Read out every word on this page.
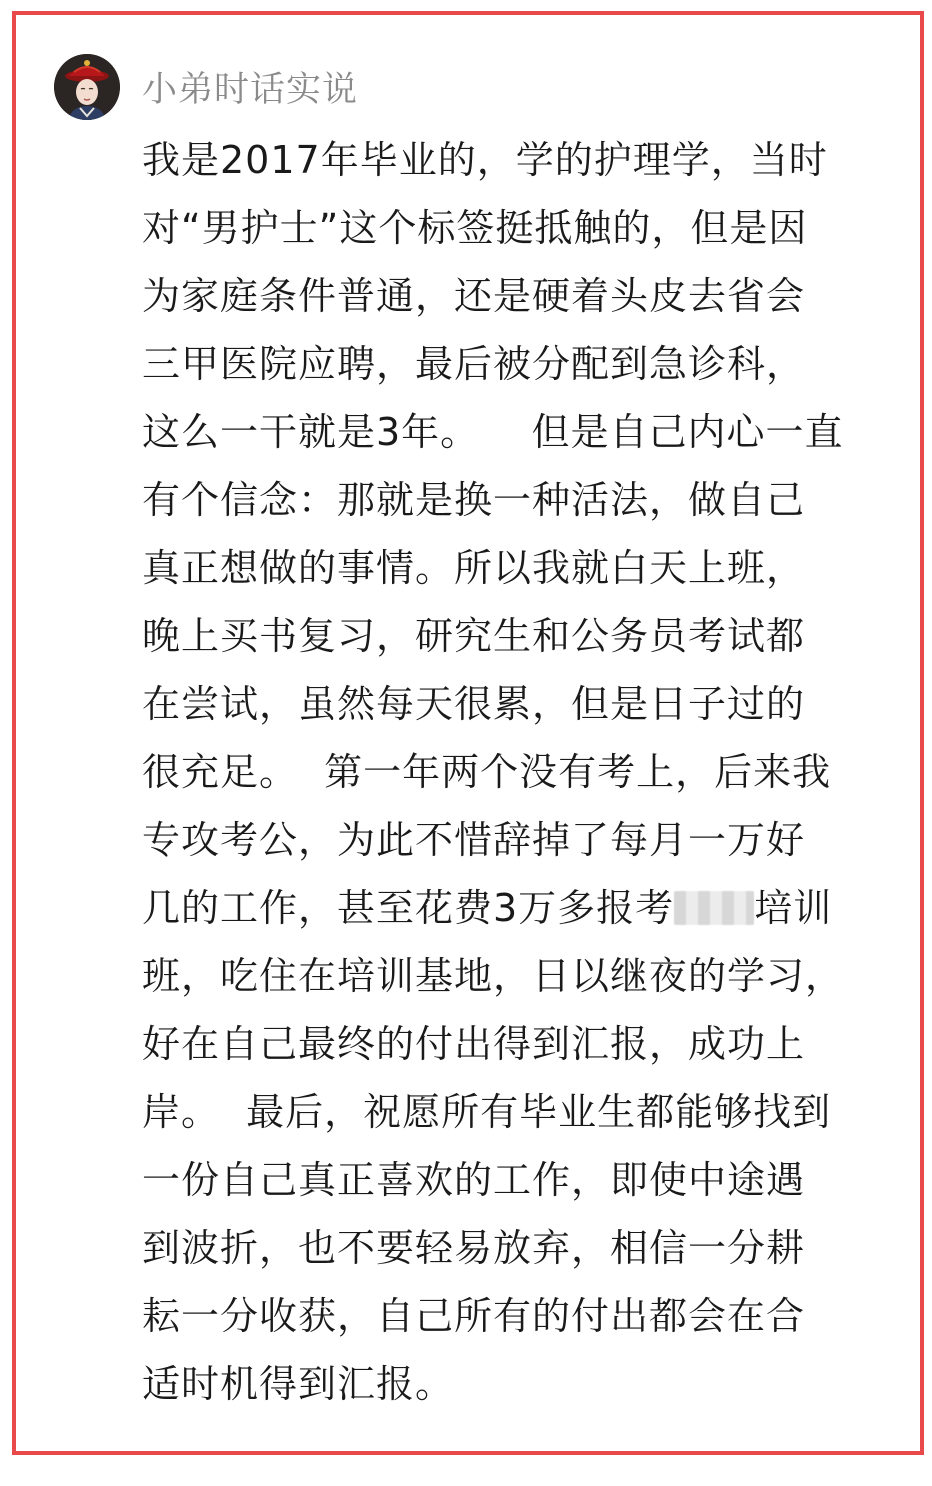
小弟时话实说
我是2017年毕业的，学的护理学，当时
对“男护士”这个标签挺抵触的，但是因
为家庭条件普通，还是硬着头皮去省会
三甲医院应聘，最后被分配到急诊科，
这么一干就是3年。    但是自己内心一直
有个信念：那就是换一种活法，做自己
真正想做的事情。所以我就白天上班，
晚上买书复习，研究生和公务员考试都
在尝试，虽然每天很累，但是日子过的
很充足。  第一年两个没有考上，后来我
专攻考公，为此不惜辞掉了每月一万好
几的工作，甚至花费3万多报考 培训
班，吃住在培训基地，日以继夜的学习，
好在自己最终的付出得到汇报，成功上
岸。  最后，祝愿所有毕业生都能够找到
一份自己真正喜欢的工作，即使中途遇
到波折，也不要轻易放弃，相信一分耕
耘一分收获，自己所有的付出都会在合
适时机得到汇报。
